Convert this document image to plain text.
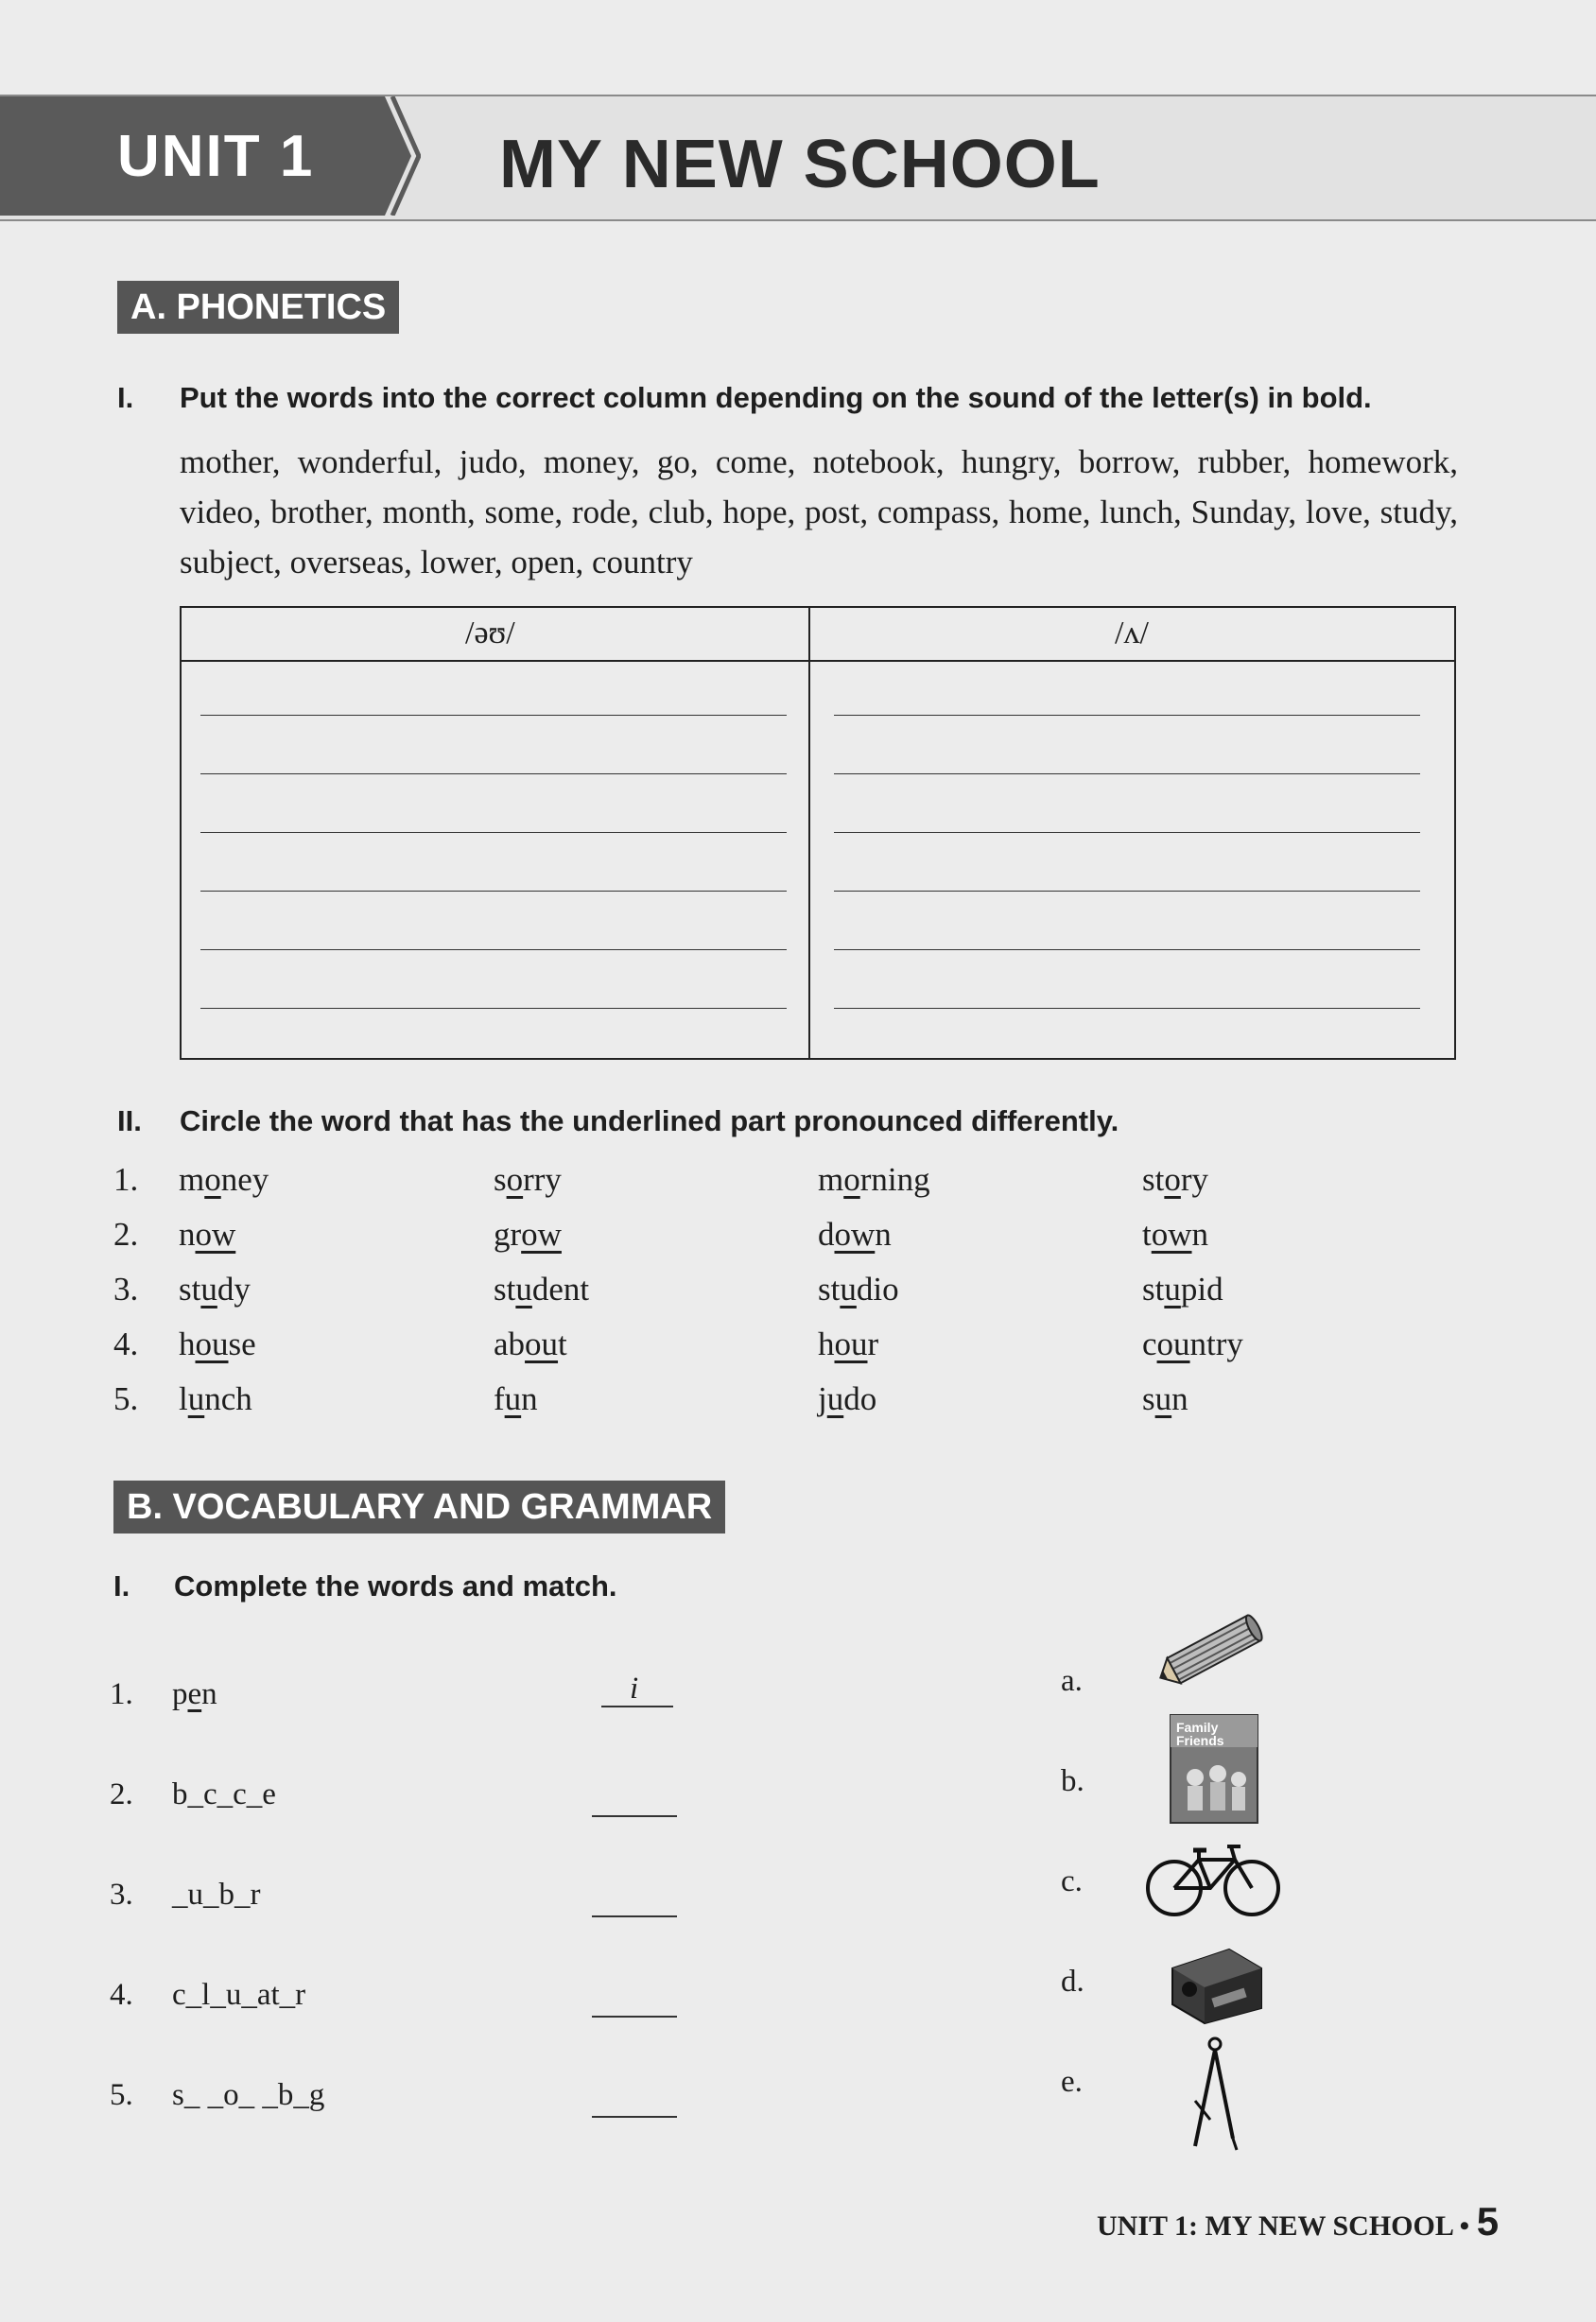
UNIT 1	MY NEW SCHOOL
A. PHONETICS
I. Put the words into the correct column depending on the sound of the letter(s) in bold.
mother, wonderful, judo, money, go, come, notebook, hungry, borrow, rubber, homework, video, brother, month, some, rode, club, hope, post, compass, home, lunch, Sunday, love, study, subject, overseas, lower, open, country
/əʊ/	/ʌ/
II. Circle the word that has the underlined part pronounced differently.
1. money	sorry	morning	story
2. now	grow	down	town
3. study	student	studio	stupid
4. house	about	hour	country
5. lunch	fun	judo	sun
B. VOCABULARY AND GRAMMAR
I. Complete the words and match.
1. pen	i
2. b_c_c_e
3. _u_b_r
4. c_l_u_at_r
5. s_ _o_ _b_g
a.
b.
c.
d.
e.
Family
Friends
UNIT 1: MY NEW SCHOOL • 5
